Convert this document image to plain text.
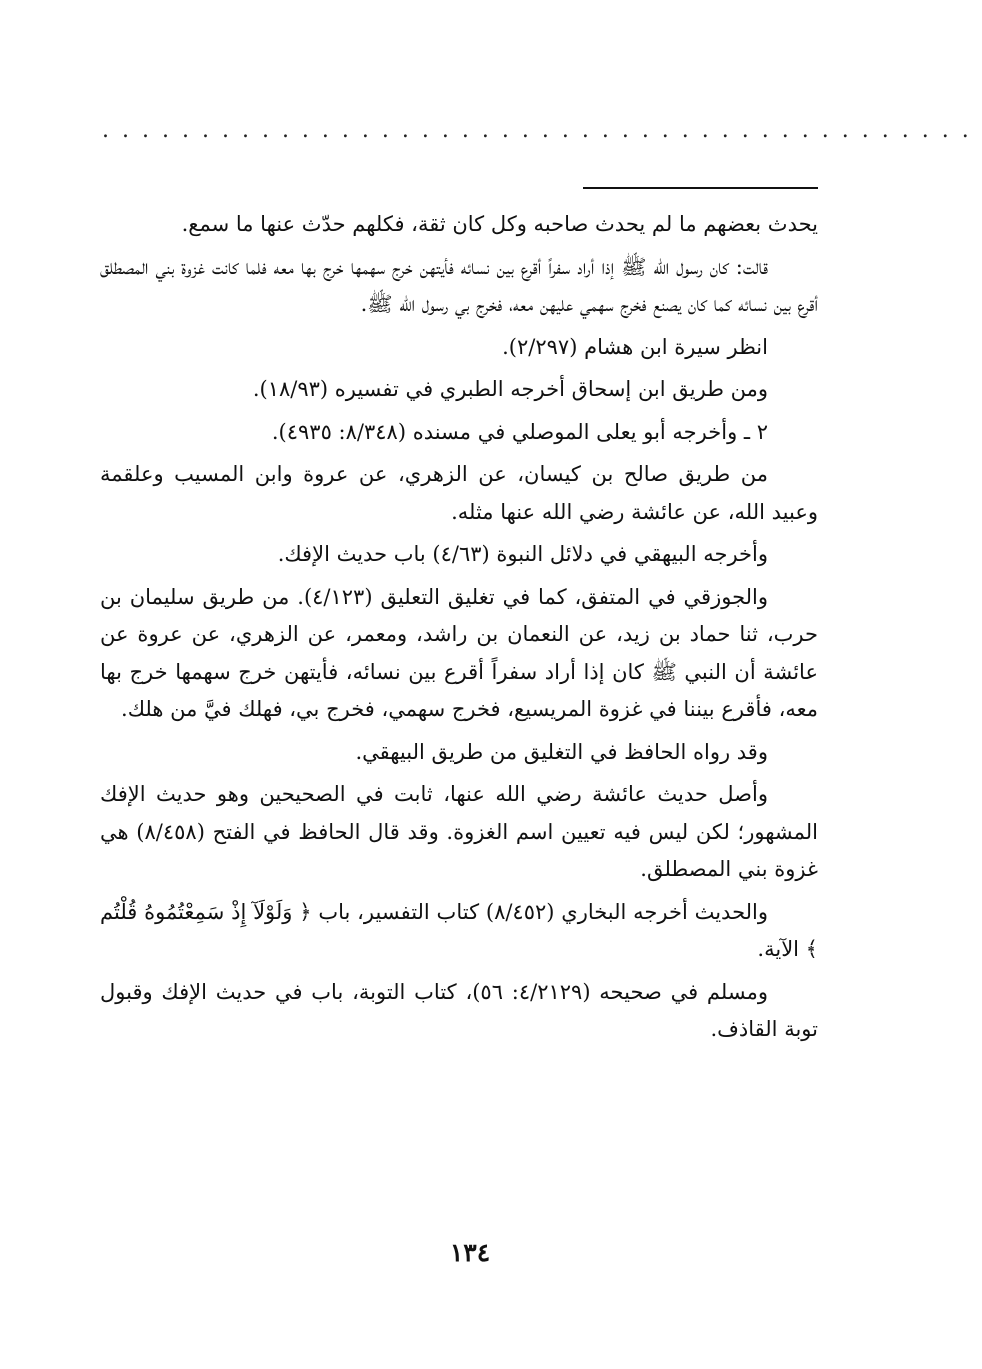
............................................

يحدث بعضهم ما لم يحدث صاحبه وكل كان ثقة، فكلهم حدّث عنها ما سمع.

قالت: كان رسول الله ﷺ إذا أراد سفراً أقرع بين نسائه فأيتهن خرج سهمها خرج بها معه فلما كانت غزوة بني المصطلق أقرع بين نسائه كما كان يصنع فخرج سهمي عليهن معه، فخرج بي رسول الله ﷺ.

انظر سيرة ابن هشام (٢/٢٩٧).

ومن طريق ابن إسحاق أخرجه الطبري في تفسيره (١٨/٩٣).

٢ ـ وأخرجه أبو يعلى الموصلي في مسنده (٨/٣٤٨: ٤٩٣٥).

من طريق صالح بن كيسان، عن الزهري، عن عروة وابن المسيب وعلقمة وعبيد الله، عن عائشة رضي الله عنها مثله.

وأخرجه البيهقي في دلائل النبوة (٤/٦٣) باب حديث الإفك.

والجوزقي في المتفق، كما في تغليق التعليق (٤/١٢٣). من طريق سليمان بن حرب، ثنا حماد بن زيد، عن النعمان بن راشد، ومعمر، عن الزهري، عن عروة عن عائشة أن النبي ﷺ كان إذا أراد سفراً أقرع بين نسائه، فأيتهن خرج سهمها خرج بها معه، فأقرع بيننا في غزوة المريسيع، فخرج سهمي، فخرج بي، فهلك فيَّ من هلك.

وقد رواه الحافظ في التغليق من طريق البيهقي.

وأصل حديث عائشة رضي الله عنها، ثابت في الصحيحين وهو حديث الإفك المشهور؛ لكن ليس فيه تعيين اسم الغزوة. وقد قال الحافظ في الفتح (٨/٤٥٨) هي غزوة بني المصطلق.

والحديث أخرجه البخاري (٨/٤٥٢) كتاب التفسير، باب ﴿ وَلَوْلَآ إِذْ سَمِعْتُمُوهُ قُلْتُم ﴾ الآية.

ومسلم في صحيحه (٤/٢١٢٩: ٥٦)، كتاب التوبة، باب في حديث الإفك وقبول توبة القاذف.

١٣٤
